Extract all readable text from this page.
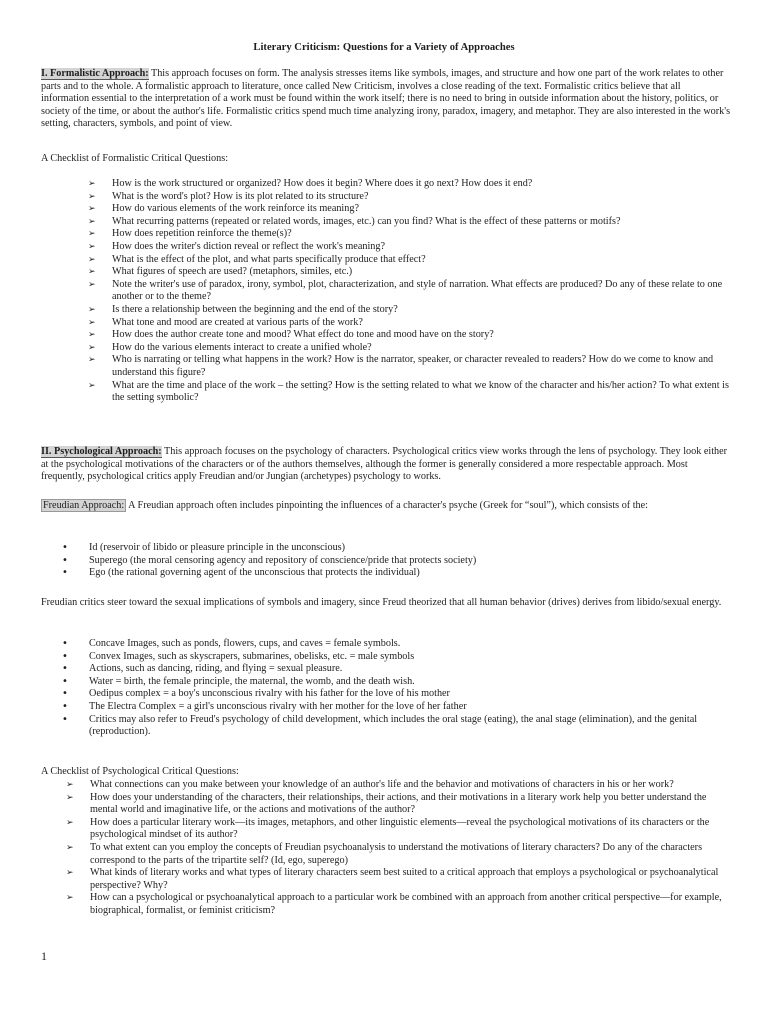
Literary Criticism: Questions for a Variety of Approaches
I. Formalistic Approach: This approach focuses on form. The analysis stresses items like symbols, images, and structure and how one part of the work relates to other parts and to the whole. A formalistic approach to literature, once called New Criticism, involves a close reading of the text. Formalistic critics believe that all information essential to the interpretation of a work must be found within the work itself; there is no need to bring in outside information about the history, politics, or society of the time, or about the author's life. Formalistic critics spend much time analyzing irony, paradox, imagery, and metaphor. They are also interested in the work's setting, characters, symbols, and point of view.
A Checklist of Formalistic Critical Questions:
➢ How is the work structured or organized? How does it begin? Where does it go next? How does it end?
➢ What is the word's plot? How is its plot related to its structure?
➢ How do various elements of the work reinforce its meaning?
➢ What recurring patterns (repeated or related words, images, etc.) can you find? What is the effect of these patterns or motifs?
➢ How does repetition reinforce the theme(s)?
➢ How does the writer's diction reveal or reflect the work's meaning?
➢ What is the effect of the plot, and what parts specifically produce that effect?
➢ What figures of speech are used? (metaphors, similes, etc.)
➢ Note the writer's use of paradox, irony, symbol, plot, characterization, and style of narration. What effects are produced? Do any of these relate to one another or to the theme?
➢ Is there a relationship between the beginning and the end of the story?
➢ What tone and mood are created at various parts of the work?
➢ How does the author create tone and mood? What effect do tone and mood have on the story?
➢ How do the various elements interact to create a unified whole?
➢ Who is narrating or telling what happens in the work? How is the narrator, speaker, or character revealed to readers? How do we come to know and understand this figure?
➢ What are the time and place of the work – the setting? How is the setting related to what we know of the character and his/her action? To what extent is the setting symbolic?
II. Psychological Approach: This approach focuses on the psychology of characters. Psychological critics view works through the lens of psychology. They look either at the psychological motivations of the characters or of the authors themselves, although the former is generally considered a more respectable approach. Most frequently, psychological critics apply Freudian and/or Jungian (archetypes) psychology to works.
Freudian Approach: A Freudian approach often includes pinpointing the influences of a character's psyche (Greek for “soul”), which consists of the:
• Id (reservoir of libido or pleasure principle in the unconscious)
• Superego (the moral censoring agency and repository of conscience/pride that protects society)
• Ego (the rational governing agent of the unconscious that protects the individual)
Freudian critics steer toward the sexual implications of symbols and imagery, since Freud theorized that all human behavior (drives) derives from libido/sexual energy.
• Concave Images, such as ponds, flowers, cups, and caves = female symbols.
• Convex Images, such as skyscrapers, submarines, obelisks, etc. = male symbols
• Actions, such as dancing, riding, and flying = sexual pleasure.
• Water = birth, the female principle, the maternal, the womb, and the death wish.
• Oedipus complex = a boy's unconscious rivalry with his father for the love of his mother
• The Electra Complex = a girl's unconscious rivalry with her mother for the love of her father
• Critics may also refer to Freud's psychology of child development, which includes the oral stage (eating), the anal stage (elimination), and the genital (reproduction).
A Checklist of Psychological Critical Questions:
➢ What connections can you make between your knowledge of an author's life and the behavior and motivations of characters in his or her work?
➢ How does your understanding of the characters, their relationships, their actions, and their motivations in a literary work help you better understand the mental world and imaginative life, or the actions and motivations of the author?
➢ How does a particular literary work—its images, metaphors, and other linguistic elements—reveal the psychological motivations of its characters or the psychological mindset of its author?
➢ To what extent can you employ the concepts of Freudian psychoanalysis to understand the motivations of literary characters? Do any of the characters correspond to the parts of the tripartite self? (Id, ego, superego)
➢ What kinds of literary works and what types of literary characters seem best suited to a critical approach that employs a psychological or psychoanalytical perspective? Why?
➢ How can a psychological or psychoanalytical approach to a particular work be combined with an approach from another critical perspective—for example, biographical, formalist, or feminist criticism?
1
